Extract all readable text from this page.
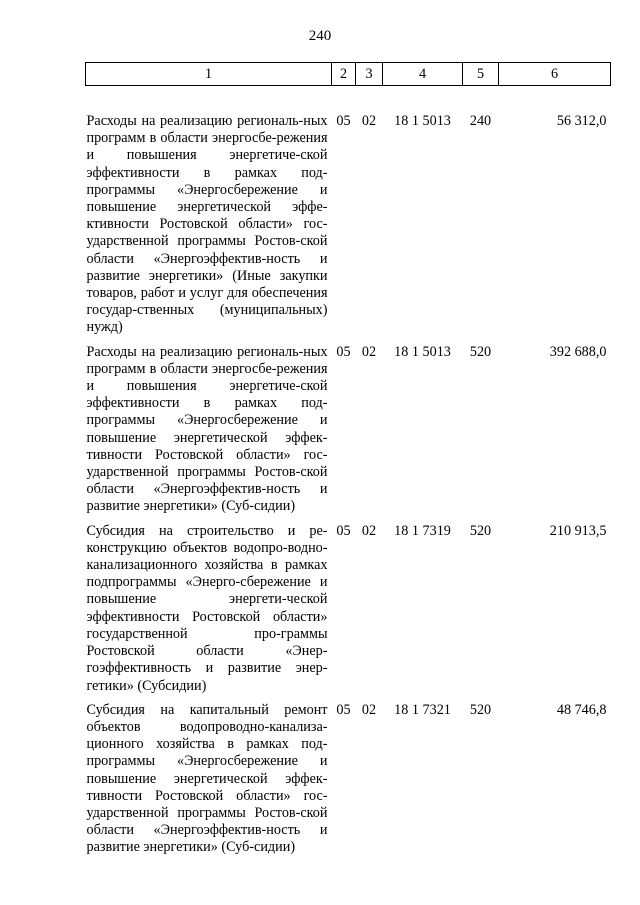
240
1	2	3	4	5	6
Расходы на реализацию региональ-ных программ в области энергосбе-режения и повышения энергетиче-ской эффективности в рамках под-программы «Энергосбережение и повышение энергетической эффе-ктивности Ростовской области» гос-ударственной программы Ростов-ской области «Энергоэффектив-ность и развитие энергетики» (Иные закупки товаров, работ и услуг для обеспечения государ-ственных (муниципальных) нужд)	05	02	18 1 5013	240	56 312,0
Расходы на реализацию региональ-ных программ в области энергосбе-режения и повышения энергетиче-ской эффективности в рамках под-программы «Энергосбережение и повышение энергетической эффек-тивности Ростовской области» гос-ударственной программы Ростов-ской области «Энергоэффектив-ность и развитие энергетики» (Суб-сидии)	05	02	18 1 5013	520	392 688,0
Субсидия на строительство и ре-конструкцию объектов водопро-водно-канализационного хозяйства в рамках подпрограммы «Энерго-сбережение и повышение энергети-ческой эффективности Ростовской области» государственной про-граммы Ростовской области «Энер-гоэффективность и развитие энер-гетики» (Субсидии)	05	02	18 1 7319	520	210 913,5
Субсидия на капитальный ремонт объектов водопроводно-канализа-ционного хозяйства в рамках под-программы «Энергосбережение и повышение энергетической эффек-тивности Ростовской области» гос-ударственной программы Ростов-ской области «Энергоэффектив-ность и развитие энергетики» (Суб-сидии)	05	02	18 1 7321	520	48 746,8
